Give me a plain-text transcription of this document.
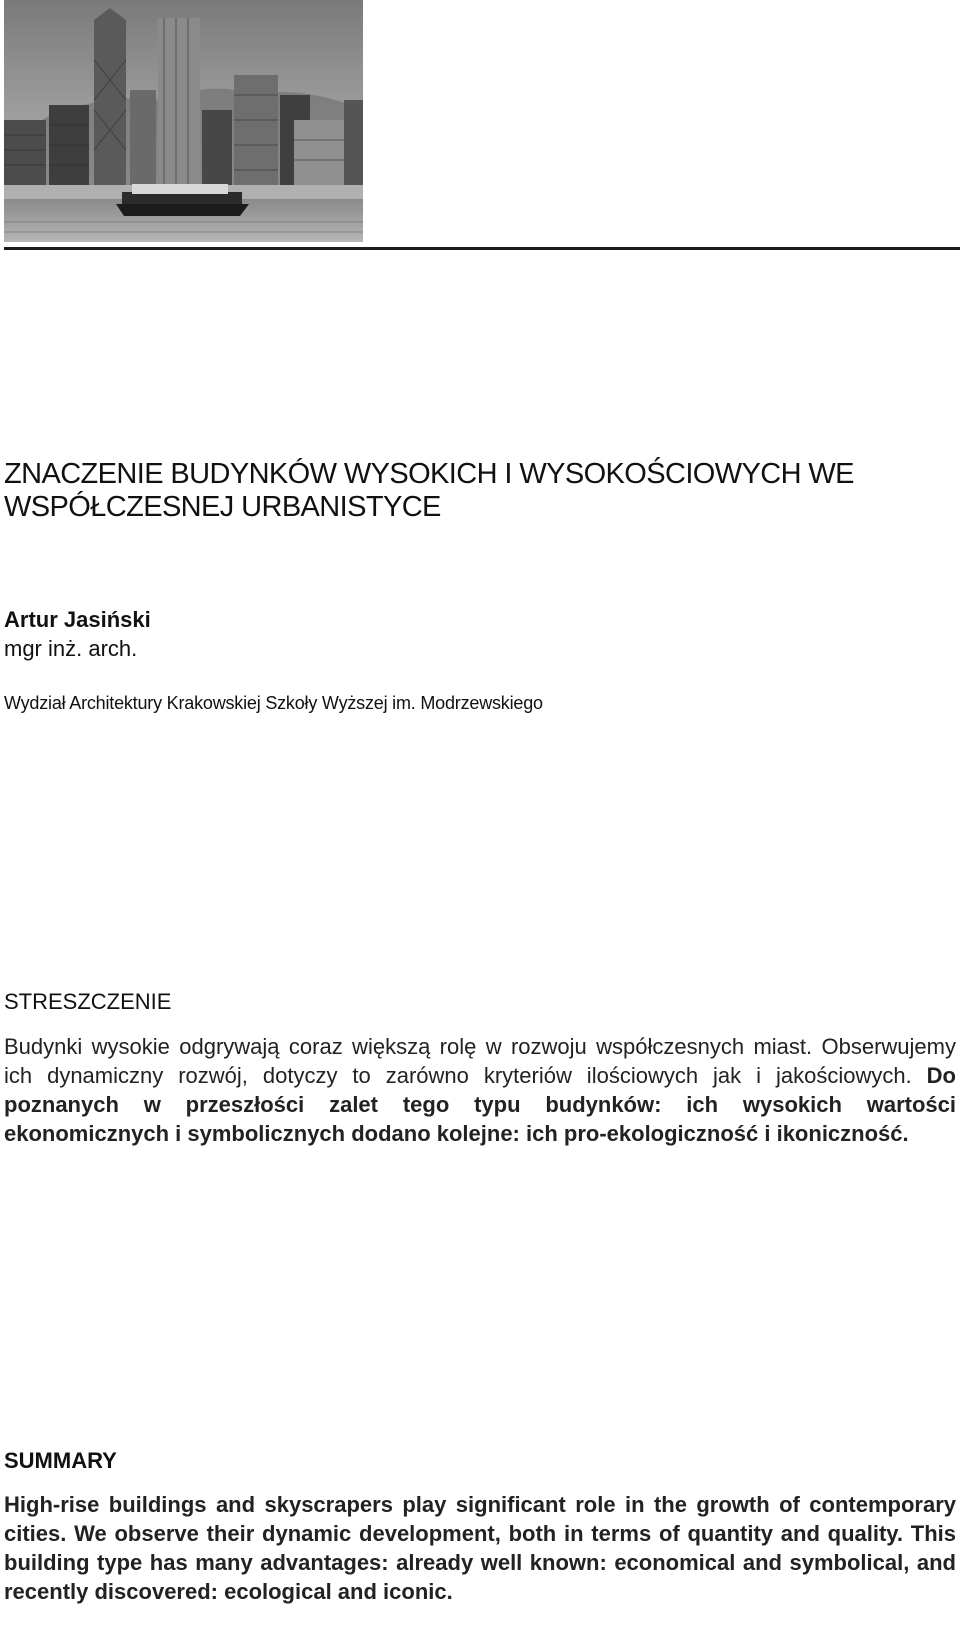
ZNACZENIE BUDYNKÓW WYSOKICH I WYSOKOŚCIOWYCH WE WSPÓŁCZESNEJ URBANISTYCE
Artur Jasiński
mgr inż. arch.
Wydział Architektury Krakowskiej Szkoły Wyższej im. Modrzewskiego
STRESZCZENIE

Budynki wysokie odgrywają coraz większą rolę w rozwoju współczesnych miast. Obserwujemy ich dynamiczny rozwój, dotyczy to zarówno kryteriów ilościowych jak i jakościowych. Do poznanych w przeszłości zalet tego typu budynków: ich wysokich wartości ekonomicznych i symbolicznych dodano kolejne: ich pro-ekologiczność i ikoniczność.

SUMMARY

High-rise buildings and skyscrapers play significant role in the growth of contemporary cities. We observe their dynamic development, both in terms of quantity and quality. This building type has many advantages: already well known: economical and symbolical, and recently discovered: ecological and iconic.
